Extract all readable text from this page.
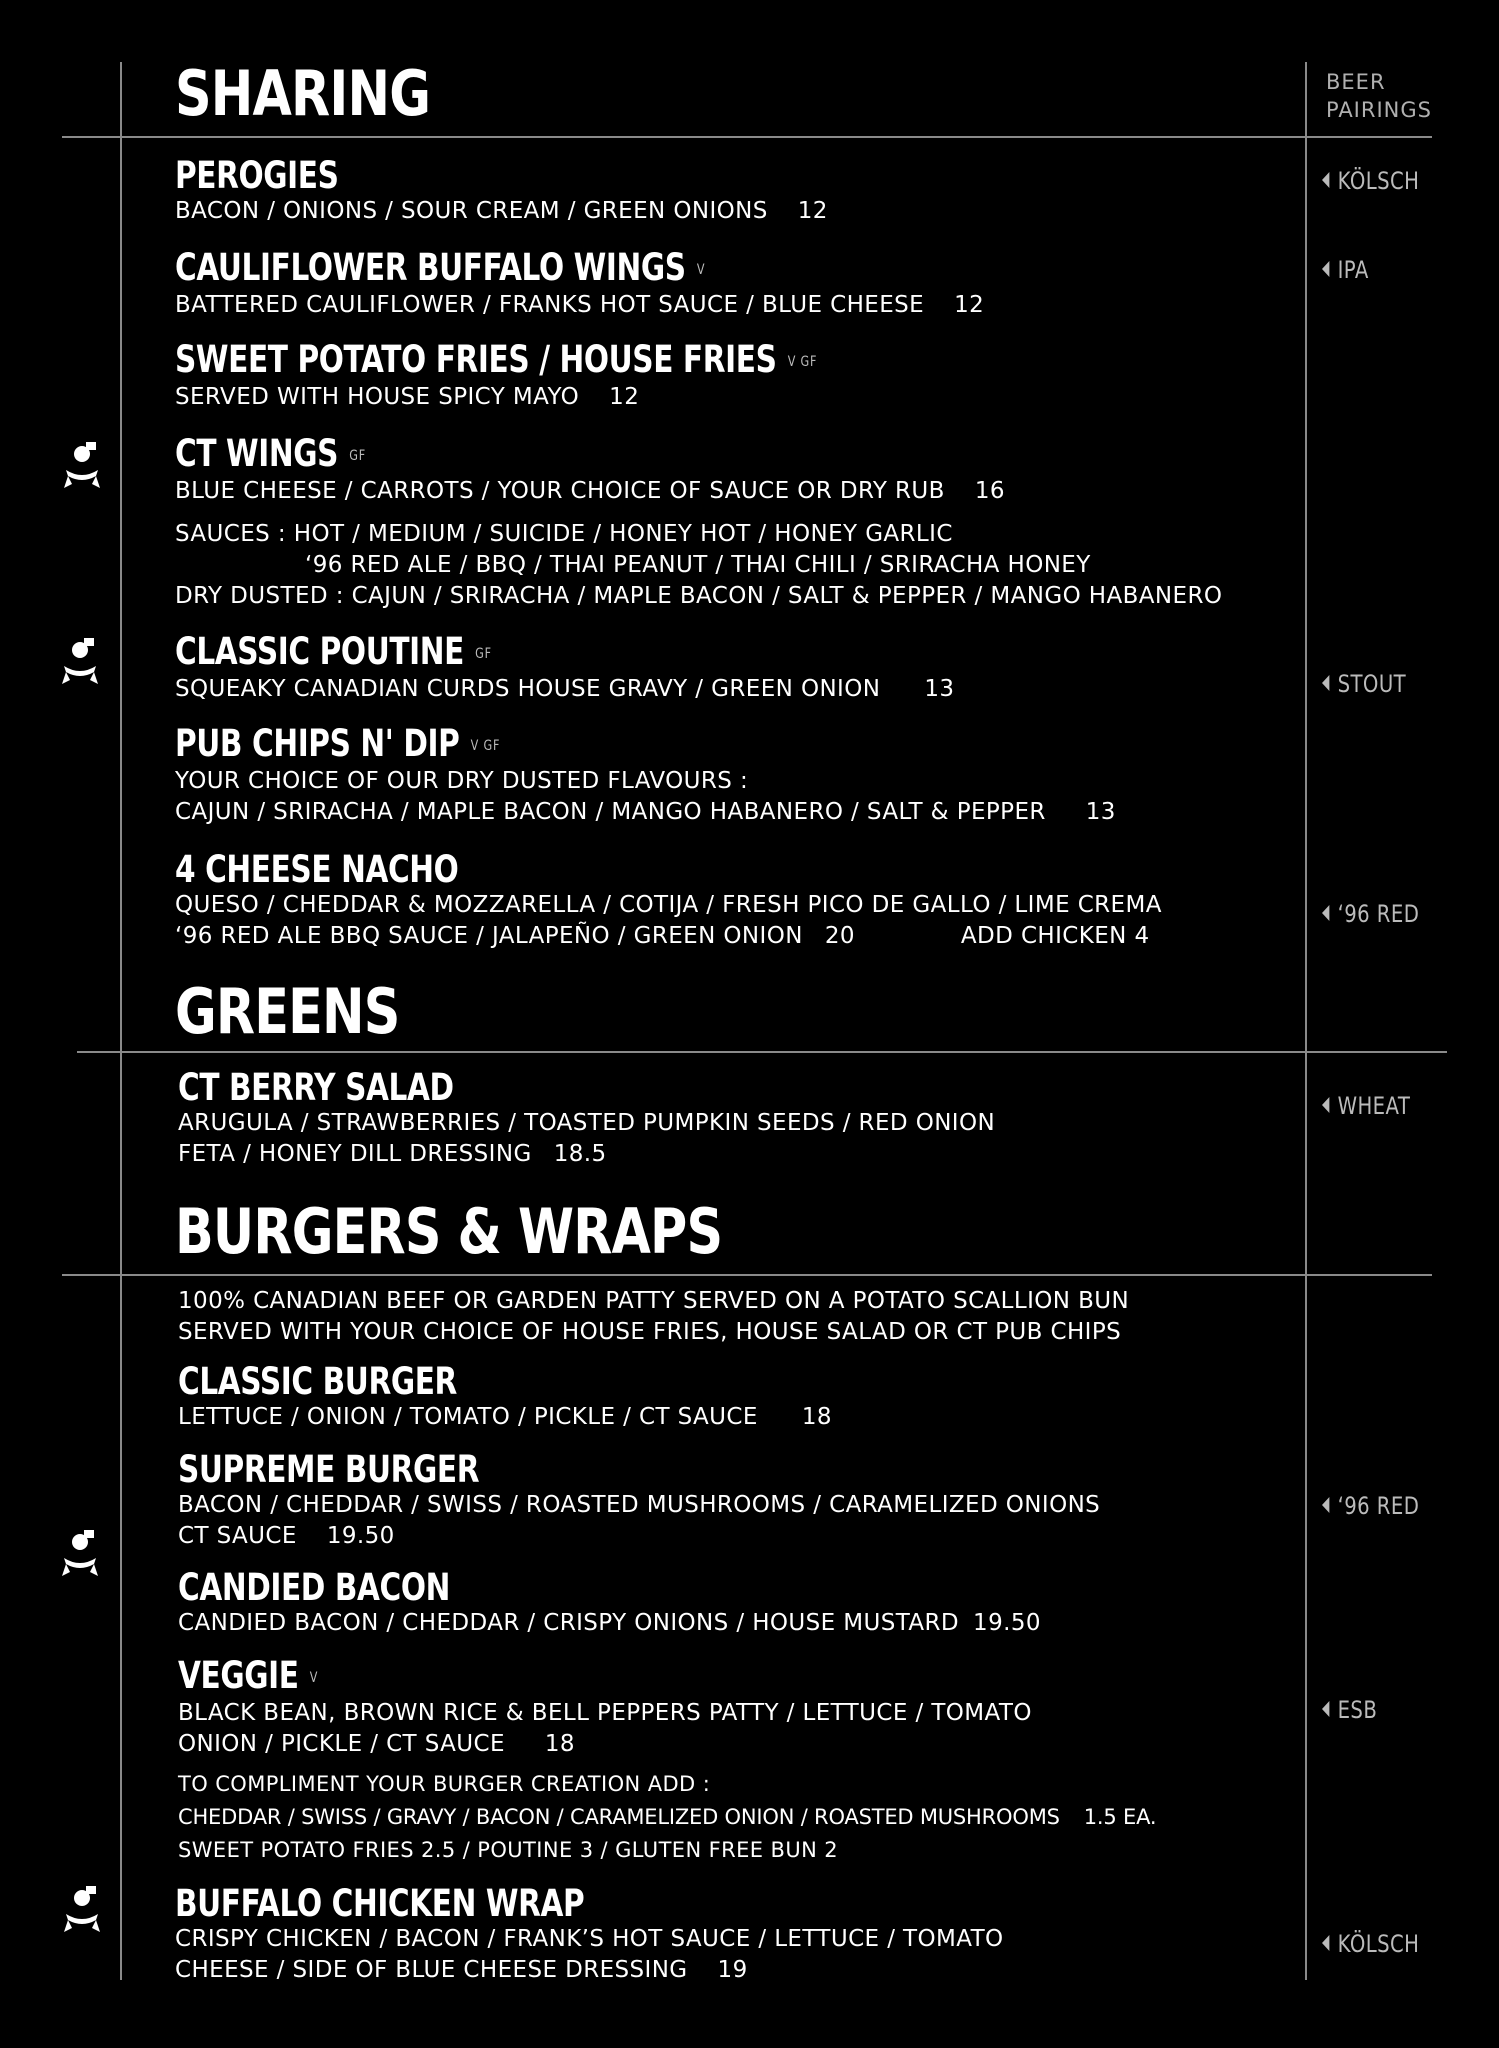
BEER
PAIRINGS
SHARING
GREENS
BURGERS & WRAPS
PEROGIES
BACON / ONIONS / SOUR CREAM / GREEN ONIONS 12
CAULIFLOWER BUFFALO WINGS V
BATTERED CAULIFLOWER / FRANKS HOT SAUCE / BLUE CHEESE 12
SWEET POTATO FRIES / HOUSE FRIES V GF
SERVED WITH HOUSE SPICY MAYO 12
CT WINGS GF
BLUE CHEESE / CARROTS / YOUR CHOICE OF SAUCE OR DRY RUB 16
SAUCES : HOT / MEDIUM / SUICIDE / HONEY HOT / HONEY GARLIC
‘96 RED ALE / BBQ / THAI PEANUT / THAI CHILI / SRIRACHA HONEY
DRY DUSTED : CAJUN / SRIRACHA / MAPLE BACON / SALT & PEPPER / MANGO HABANERO
CLASSIC POUTINE GF
SQUEAKY CANADIAN CURDS HOUSE GRAVY / GREEN ONION 13
PUB CHIPS N' DIP V GF
YOUR CHOICE OF OUR DRY DUSTED FLAVOURS :
CAJUN / SRIRACHA / MAPLE BACON / MANGO HABANERO / SALT & PEPPER 13
4 CHEESE NACHO
QUESO / CHEDDAR & MOZZARELLA / COTIJA / FRESH PICO DE GALLO / LIME CREMA
‘96 RED ALE BBQ SAUCE / JALAPEÑO / GREEN ONION 20	ADD CHICKEN 4
CT BERRY SALAD
ARUGULA / STRAWBERRIES / TOASTED PUMPKIN SEEDS / RED ONION
FETA / HONEY DILL DRESSING 18.5
100% CANADIAN BEEF OR GARDEN PATTY SERVED ON A POTATO SCALLION BUN
SERVED WITH YOUR CHOICE OF HOUSE FRIES, HOUSE SALAD OR CT PUB CHIPS
CLASSIC BURGER
LETTUCE / ONION / TOMATO / PICKLE / CT SAUCE 18
SUPREME BURGER
BACON / CHEDDAR / SWISS / ROASTED MUSHROOMS / CARAMELIZED ONIONS
CT SAUCE 19.50
CANDIED BACON
CANDIED BACON / CHEDDAR / CRISPY ONIONS / HOUSE MUSTARD 19.50
VEGGIE V
BLACK BEAN, BROWN RICE & BELL PEPPERS PATTY / LETTUCE / TOMATO
ONION / PICKLE / CT SAUCE 18
TO COMPLIMENT YOUR BURGER CREATION ADD :
CHEDDAR / SWISS / GRAVY / BACON / CARAMELIZED ONION / ROASTED MUSHROOMS 1.5 EA.
SWEET POTATO FRIES 2.5 / POUTINE 3 / GLUTEN FREE BUN 2
BUFFALO CHICKEN WRAP
CRISPY CHICKEN / BACON / FRANK’S HOT SAUCE / LETTUCE / TOMATO
CHEESE / SIDE OF BLUE CHEESE DRESSING 19
KÖLSCH
IPA
STOUT
‘96 RED
WHEAT
‘96 RED
ESB
KÖLSCH
